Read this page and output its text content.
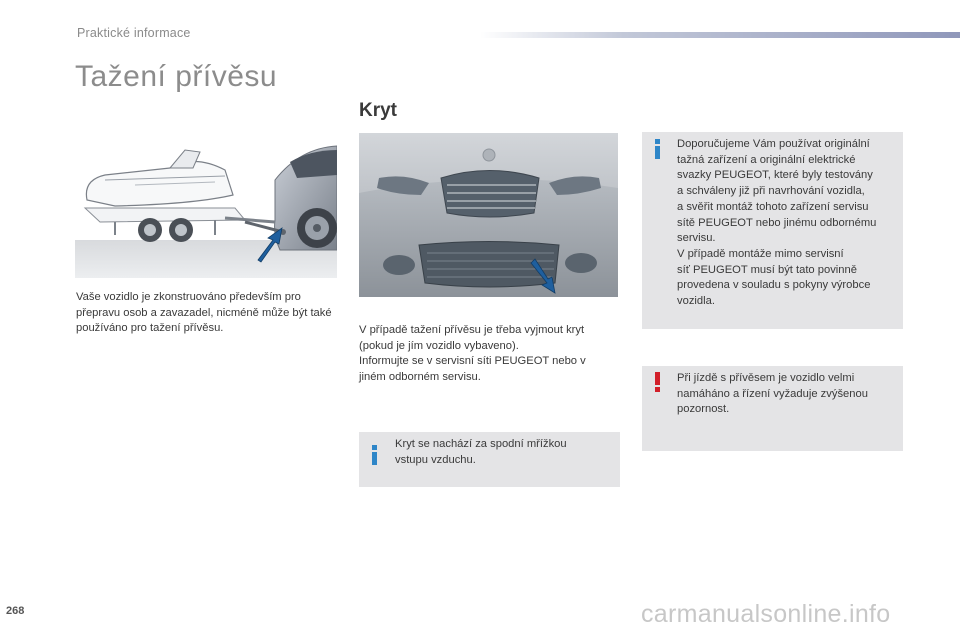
Praktické informace
Tažení přívěsu
Vaše vozidlo je zkonstruováno především pro přepravu osob a zavazadel, nicméně může být také používáno pro tažení přívěsu.
Kryt
V případě tažení přívěsu je třeba vyjmout kryt
(pokud je jím vozidlo vybaveno).
Informujte se v servisní síti PEUGEOT nebo v
jiném odborném servisu.
Kryt se nachází za spodní mřížkou vstupu vzduchu.
Doporučujeme Vám používat originální
tažná zařízení a originální elektrické
svazky PEUGEOT, které byly testovány
a schváleny již při navrhování vozidla,
a svěřit montáž tohoto zařízení servisu
sítě PEUGEOT nebo jinému odbornému
servisu.
V případě montáže mimo servisní
síť PEUGEOT musí být tato povinně
provedena v souladu s pokyny výrobce
vozidla.
Při jízdě s přívěsem je vozidlo velmi
namáháno a řízení vyžaduje zvýšenou
pozornost.
268	carmanualsonline.info
